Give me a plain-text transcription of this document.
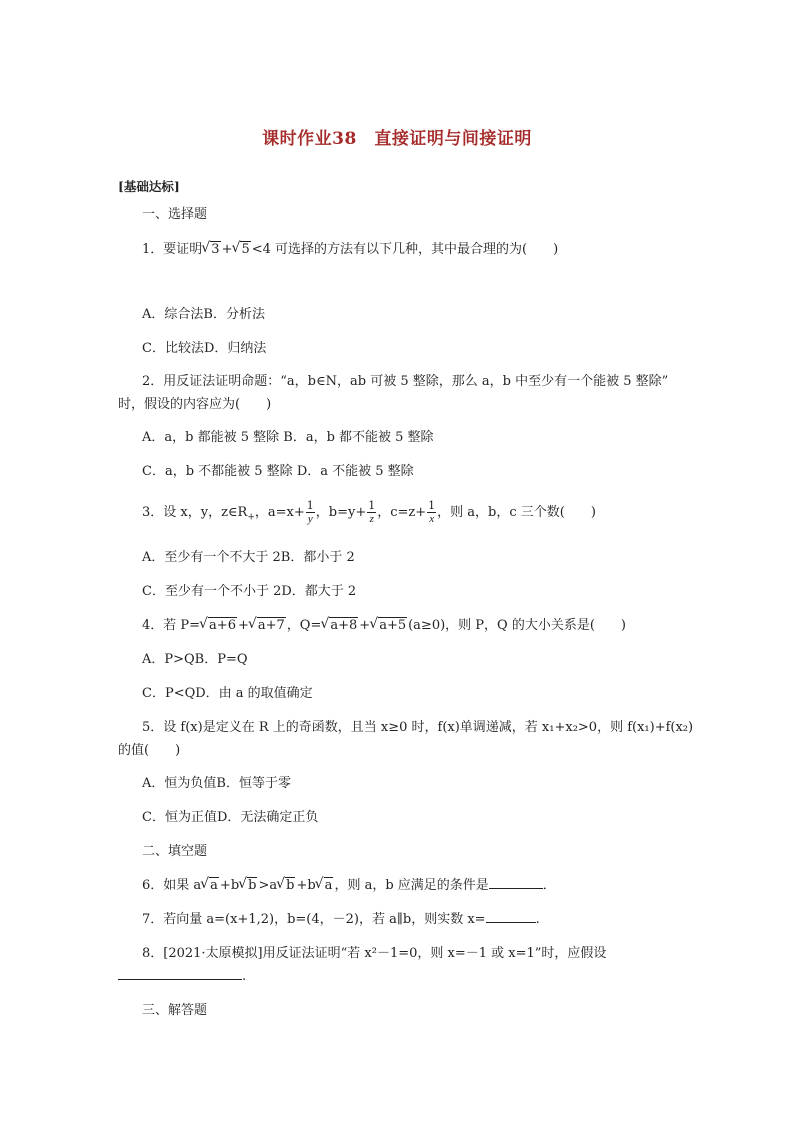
课时作业38　直接证明与间接证明
[基础达标]
一、选择题
1．要证明 √ 3 + √ 5 <4 可选择的方法有以下几种，其中最合理的为(　　)
A．综合法B．分析法
C．比较法D．归纳法
2．用反证法证明命题：“a，b∈N，ab 可被 5 整除，那么 a，b 中至少有一个能被 5 整除”
时，假设的内容应为(　　)
A．a，b 都能被 5 整除 B．a，b 都不能被 5 整除
C．a，b 不都能被 5 整除 D．a 不能被 5 整除
3．设 x，y，$z\in R_+$，$a=x+ \frac{1}{y}$ ，$b=y+ \frac{1}{z}$ ，$c=z+ \frac{1}{x}$ ，则 a，b，c 三个数(　　)
A．至少有一个不大于 2B．都小于 2
C．至少有一个不小于 2D．都大于 2
4．若 P= √ a+6 + √ a+7 ，Q= √ a+8 + √ a+5 (a≥0)，则 P，Q 的大小关系是(　　)
A．P>QB．P=Q
C．P<QD．由 a 的取值确定
5．设 f(x)是定义在 R 上的奇函数，且当 x≥0 时，f(x)单调递减，若 x₁+x₂>0，则 f(x₁)+f(x₂)
的值(　　)
A．恒为负值B．恒等于零
C．恒为正值D．无法确定正负
二、填空题
6．如果 a √ a +b √ b >a √ b +b √ a ，则 a，b 应满足的条件是	．
7．若向量 a=(x+1,2)，b=(4，－2)，若 a∥b，则实数 x=	.
8．[2021·太原模拟]用反证法证明“若 x²－1=0，则 x=－1 或 x=1”时，应假设
.
三、解答题
